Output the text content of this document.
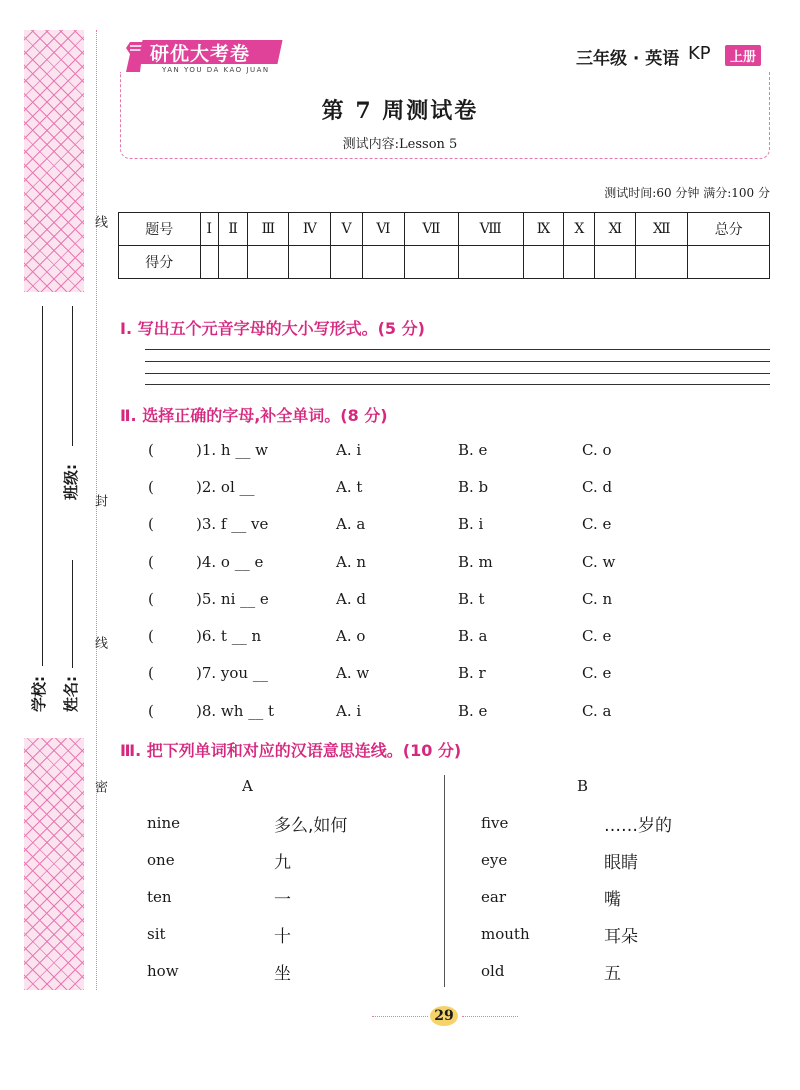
线
封
线
密
学校: 姓名:
班级:
研优大考卷
YAN YOU DA KAO JUAN
三年级 · 英语 KP	上册
第 7 周测试卷
测试内容:Lesson 5
测试时间:60 分钟 满分:100 分
题号	Ⅰ	Ⅱ	Ⅲ	Ⅳ	Ⅴ	Ⅵ	Ⅶ	Ⅷ	Ⅸ	Ⅹ	Ⅺ	Ⅻ	总分
得分													
Ⅰ. 写出五个元音字母的大小写形式。(5 分)
Ⅱ. 选择正确的字母,补全单词。(8 分)
(	)1. h __ w	A. i	B. e	C. o
(	)2. ol __	A. t	B. b	C. d
(	)3. f __ ve	A. a	B. i	C. e
(	)4. o __ e	A. n	B. m	C. w
(	)5. ni __ e	A. d	B. t	C. n
(	)6. t __ n	A. o	B. a	C. e
(	)7. you __	A. w	B. r	C. e
(	)8. wh __ t	A. i	B. e	C. a
Ⅲ. 把下列单词和对应的汉语意思连线。(10 分)
A	B
nine	多么,如何
one	九
ten	一
sit	十
how	坐
five	……岁的
eye	眼睛
ear	嘴
mouth	耳朵
old	五
29
